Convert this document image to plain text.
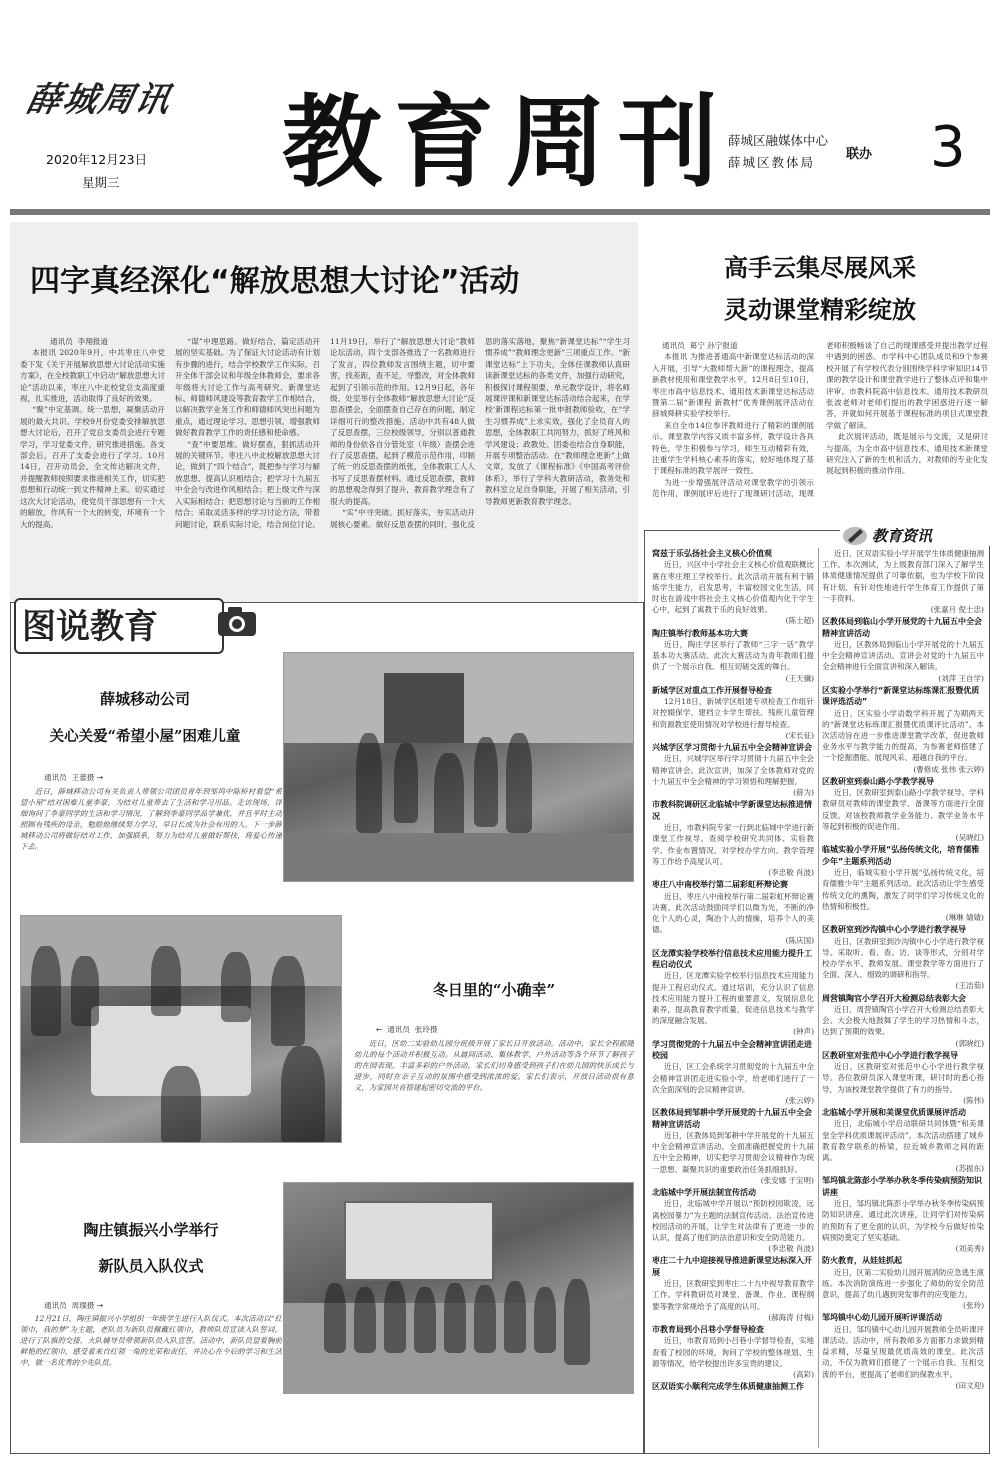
薛城周讯
2020年12月23日
星期三 教育周刊
薛城区融媒体中心
薛城区教体局
联办 3
四字真经深化“解放思想大讨论”活动

通讯员 李翔报道

本报讯 2020年9月，中共枣庄八中党委下发《关于开展解放思想大讨论活动实施方案》，在全校教职工中启动“解放思想大讨论”活动以来，枣庄八中北校党总支高度重视，扎实推进，活动取得了良好的效果。

“聚”中定基调。统一思想，凝聚活动开展的最大共识。学校9月份党委安排解放思想大讨论后，召开了党总支委员会进行专题学习，学习党委文件，研究推进措施。各支部会后，召开了支委会进行了学习。10月14日，召开动员会，全文传达解决文件，并提醒教师按照要求推进相关工作，切实把思想和行动统一到文件精神上来。切实通过这次大讨论活动，使党员干部思想有一个大的解放，作风有一个大的转变，环境有一个大的提高。

“谋”中理思路。做好结合，篇定活动开展的坚实基础。为了保证大讨论活动有计划有步骤的进行，结合学校教学工作实际，召开全体干部会议和年级全体教师会，要求各年级将大讨论工作与高考研究、新课堂达标、师德师风建设等教育教学工作相结合，以解决教学业务工作和师德师风突出问题为重点，通过理论学习、思想引领、增强教师做好教育教学工作的责任感和使命感。

“查”中要思维。做好摆查，狠抓活动开展的关键环节。枣庄八中北校解放思想大讨论，做到了“四个结合”，既把参与学习与解放思想、提高认识相结合；把学习十九届五中全会与改进作风相结合；把上级文件与深入实际相结合；把思想讨论与当前的工作相结合；采取灵活多样的学习讨论方法，带着问题讨论，联系实际讨论，结合岗位讨论。11月19日，举行了“解放思想大讨论”教师论坛活动，四个支部各推选了一名教师进行了发言，四位教师发言围绕主题，切中要害，找差距，查不足，寻整改，对全体教师起到了引领示范的作用。12月9日起，各年级、处室举行全体教师“解放思想大讨论”反思查摆会，全面摆查自己存在的问题，制定详细可行的整改措施。活动中共有48人做了反思查摆，三位校级领导，分别以普通教师的身份依各自分管处室（年级）查摆会进行了反思查摆，起到了模范示范作用，印制了统一的反思查摆的纸张，全体教职工人人书写了反思查摆材料。通过反思查摆，教师的思想观念得到了提升，教育教学理念有了很大的提高。

“实”中寻突破。抓好落实，夯实活动开展核心要素。做好反思查摆的同时，强化反思的落实落地，聚焦“新课堂达标”“学生习惯养成”“教师理念更新”三项重点工作。“新课堂达标”上下功夫，全体任课教师认真研读新课堂达标的各类文件，加强行动研究，积极探讨课程领要，单元教学设计，将名师展课评课和新课堂达标活动结合起来，在学校‘新课程达标第一批申报教师验收，在“学生习惯养成”上求实效，强化了全员育人的思想，全体教职工共同努力，抓好了班风和学风建设；政教处、团委也结合自身职能，开展专项整治活动。在“教师理念更新”上做文章，发放了《课程标准》《中国高考评价体系》，举行了学科大教研活动，教务处和教科室立足自身职能，开展了相关活动，引导教师更新教育教学理念。

高手云集尽展风采
灵动课堂精彩绽放

通讯员 葛宁 孙宁报道

本报讯 为推进普通高中新课堂达标活动的深入开展，引导“大教师帮大新”的课程理念，提高新教材使用和课堂教学水平，12月8日至10日，枣庄市高中信息技术、通用技术新课堂达标活动暨第二届“新课程 新教材”优秀课例展评活动在薛城舜耕实验学校举行。

来自全市14位参评教师进行了精彩的课例展示。课堂教学内容又质丰富多样，教学设计各具特色，学生积极参与学习，师生互动精彩有效，注重学生学科核心素养的落实，较好地体现了基于课程标准的教学展评一致性。

为进一步增强展评活动对课堂教学的引领示范作用，课例展评后进行了现课研讨活动，现课老师积极畅谈了自己的现课感受并提出教学过程中遇到的困惑。市学科中心团队成员和9个参赛校开展了有学校代表分别围绕学科学审知识14节课的教学设计和课堂教学进行了整体点评和集中评审。市教科院高中信息技术、通用技术教研员张波老师对老师们提出的教学困惑进行逐一解答，并就如何开展基于课程标准的项目式课堂教学做了解读。

此次展评活动，既是展示与交流，又是研讨与提高，为全市高中信息技术、通用技术新课堂研究注入了新的生机和活力，对教师的专业化发展起到积极的推动作用。

图说教育
薛城移动公司
关心关爱“希望小屋”困难儿童
通讯员 王蕾摄 →
近日，薛城移动公司有关负责人带领公司团员青年到邹坞中陈桥村看望“希望小屋”结对困难儿童李豪，为结对儿童带去了生活和学习用品。走访现场，详细询问了李豪同学的生活和学习情况，了解到李豪同学品学兼优，并且平时主动照顾有残疾的母亲，勉励他继续努力学习，早日长成为社会有用的人。下一步薛城移动公司将做好结对工作，加强联系，努力为结对儿童做好帮扶，将爱心传递下去。
冬日里的“小确幸”
←  通讯员 张玲摄
近日，区幼二实验幼儿园分班级开展了家长日开放活动。活动中，家长全程跟随幼儿的每个活动并积极互动。从晨间活动、集体教学、户外活动等各个环节了解孩子的在园表现。丰富多彩的户外活动，家长们切身感受到孩子们在幼儿园的快乐成长与进步，同时在亲子互动的氛围中感受到浓浓的爱。家长们表示，开放日活动很有意义，为家园共育搭建起密切交流的平台。
陶庄镇振兴小学举行
新队员入队仪式
通讯员 周璨摄 →
12月21日，陶庄镇振兴小学组织一年级学生进行入队仪式。本次活动以“红领巾，我的梦”为主题，老队员为新队员佩戴红领巾，教师队员宣读入队誓词。进行了队旗的交接，大队辅导员带领新队员入队宣誓。活动中，新队员望着胸前鲜艳的红领巾，感受着来自红领一角的光荣和责任，并决心在今后的学习和生活中，做一名优秀的少先队员。
教育资讯
窝兹于乐弘扬社会主义核心价值观
近日，兴区中小学社会主义核心价值观联概比赛在枣庄理工学校举行。此次活动开展有利于锻炼学生能力，启发思考，丰富校园文化生活，同时也在游戏中将社会主义核心价值观内化于学生心中，起到了寓教于乐的良好效果。
(陈士超)
陶庄镇举行教师基本功大赛
近日，陶庄学区举行了教师“三字一话”教学基本功大赛活动。此次大赛活动为青年教师们提供了一个展示自我、相互切磋交流的舞台。
(王天骥)
新城学区对重点工作开展督导检查
12月18日，新城学区组建专项检查工作组针对控辍保学、建档立卡学生帮扶、残疾儿童管理和资源教室使用情况对学校进行督导检查。
(宋长征)
兴城学区学习贯彻十九届五中全会精神宣讲会
近日，兴城学区举行学习贯彻十九届五中全会精神宣讲会。此次宣讲，加深了全体教师对党的十九届五中全会精神的学习领悟和理解把握。
(薛为)
市教科院调研区北临城中学新课堂达标推进情况
近日，市教科院专家一行到北临城中学进行新课堂工作视导，查阅学校研究共同体、实验教学、作业布置情况、对学校办学方向、教学管理等工作给予高度认可。
(李忠敬 肖波)
枣庄八中南校举行第二届彩虹杯辩论赛
近日，枣庄八中南校举行第二届彩虹杯辩论赛决赛。此次活动鼓励同学们以微为光，不断的净化个人的心灵，陶冶个人的情操，培养个人的美德。
(陈庆国)
区龙潭实验学校举行信息技术应用能力提升工程启动仪式
近日，区龙潭实验学校举行信息技术应用能力提升工程启动仪式。通过培训，充分认识了信息技术应用能力提升工程的重要意义，发展信息化素养，提高教育教学质量，促进信息技术与教学的深度融合发展。
(钟声)
学习贯彻党的十九届五中全会精神宣讲团走进校园
近日，区工会系统学习贯彻党的十九届五中全会精神宣讲团走进实验小学，给老师们进行了一次全面深刻的会议精神宣讲。
(张云婷)
区教体局到邹耕中学开展党的十九届五中全会精神宣讲活动
近日，区教体局到邹耕中学开展党的十九届五中全会精神宣讲活动。全面准确把握党的十九届五中全会精神，切实把学习贯彻会议精神作为统一思想、凝聚共识的重要政治任务抓细抓好。
(张安娜 于宝明)
北临城中学开展法制宣传活动
近日，北临城中学开展以“预防校园欺凌，远离校园暴力”为主题的法制宣传活动。法治宣传进校园活动的开展，让学生对法律有了更进一步的认识，提高了他们的法治意识和安全防范能力。
(李忠敬 肖波)
枣庄二十九中迎接视导推进新课堂达标深入开展
近日，区教研室到枣庄二十九中视导教育教学工作。学科教研员对课堂、备课、作业、课程纲要等教学常规给予了高度的认可。
(郝海涛 付梅)
市教育局到小吕巷小学督导检查
近日，市教育局到小吕巷小学督导检查，实地查看了校园的环境，询问了学校的整体规划、生源等情况，给学校提出许多宝贵的建议。
(高彩)
区双语实小顺利完成学生体质健康抽测工作
近日，区双语实验小学开展学生体质健康抽测工作。本次测试，为上级教育部门深入了解学生体质健康情况提供了可靠依据，也为学校下阶段有计划、有针对性地进行学生体育工作提供了第一手资料。
(张嘉月 倪士忠)
区教体局到临山小学开展党的十九届五中全会精神宣讲活动
近日，区教体局到临山小学开展党的十九届五中全会精神宣讲活动。宣讲会对党的十九届五中全会精神进行全面宣讲和深入解读。
(刘萍 王自学)
区实验小学举行“新课堂达标练课汇报暨优质课评选活动”
近日，区实验小学语数学科开展了为期两天的“新课堂达标练课汇报暨优质课评比活动”。本次活动旨在进一步推进课堂教学改革，促进教师业务水平与教学能力的提高，为参赛老师搭建了一个挖掘潜能、展现风采、超越自我的平台。
(曹修成 张伟 张云婷)
区教研室到泰山路小学教学视导
近日，区教研室到泰山路小学教学视导。学科教研员对教师的课堂教学、备课等方面进行全面反馈。对该校教师教学业务能力、教学业务水平等起到积极的促进作用。
(吴晓红)
临城实验小学开展“弘扬传统文化，培育儒雅少年”主题系列活动
近日，临城实验小学开展“弘扬传统文化，培育儒雅少年”主题系列活动。此次活动让学生感受传统文化的熏陶，激发了同学们学习传统文化的热情和积极性。
(琳琳 婧婧)
区教研室到沙沟镇中心小学进行教学视导
近日，区教研室到沙沟镇中心小学进行教学视导。采取听、看、查、访、谈等形式，分别对学校办学水平、教师发展、课堂教学等方面进行了全面、深入、细致的调研和指导。
(王洁茹)
周营镇陶官小学召开大检测总结表彰大会
近日，周营镇陶官小学召开大检测总结表彰大会。大会极大地鼓舞了学生的学习热情和斗志，达到了预期的效果。
(郭晓红)
区教研室对张范中心小学进行教学视导
近日，区教研室对张范中心小学进行教学视导。各位教研员深入课堂听课，研讨时的悉心指导，为该校课堂教学提供了有力的指导。
(陈伟)
北临城小学开展和美课堂优质课展评活动
近日，北临城小学启动联研共同体暨“和美课堂全学科优质课展评活动”。本次活动搭建了城乡教育教学联系的桥梁，拉近城乡教师之间的距离。
(苏振东)
邹坞镇北陈彭小学举办秋冬季传染病预防知识讲座
近日，邹坞镇北陈彭小学举办秋冬季传染病预防知识讲座。通过此次讲座，让同学们对传染病的预防有了更全面的认识，为学校今后做好传染病预防奠定了坚实基础。
(刘美秀)
防火教育，从娃娃抓起
近日，区第二实验幼儿园开展消防应急逃生演练。本次消防演练进一步强化了师幼的安全防范意识，提高了幼儿遇到突发事件的应变能力。
(张玲)
邹坞镇中心幼儿园开展听评课活动
近日，邹坞镇中心幼儿园开展教师全员听课评课活动。活动中，所有教师多方面都力求做到精益求精，尽量呈现最优质高效的课堂。此次活动，不仅为教师们搭建了一个展示自我、互相交流的平台，更提高了老师们的保教水平。
(田文迎)
